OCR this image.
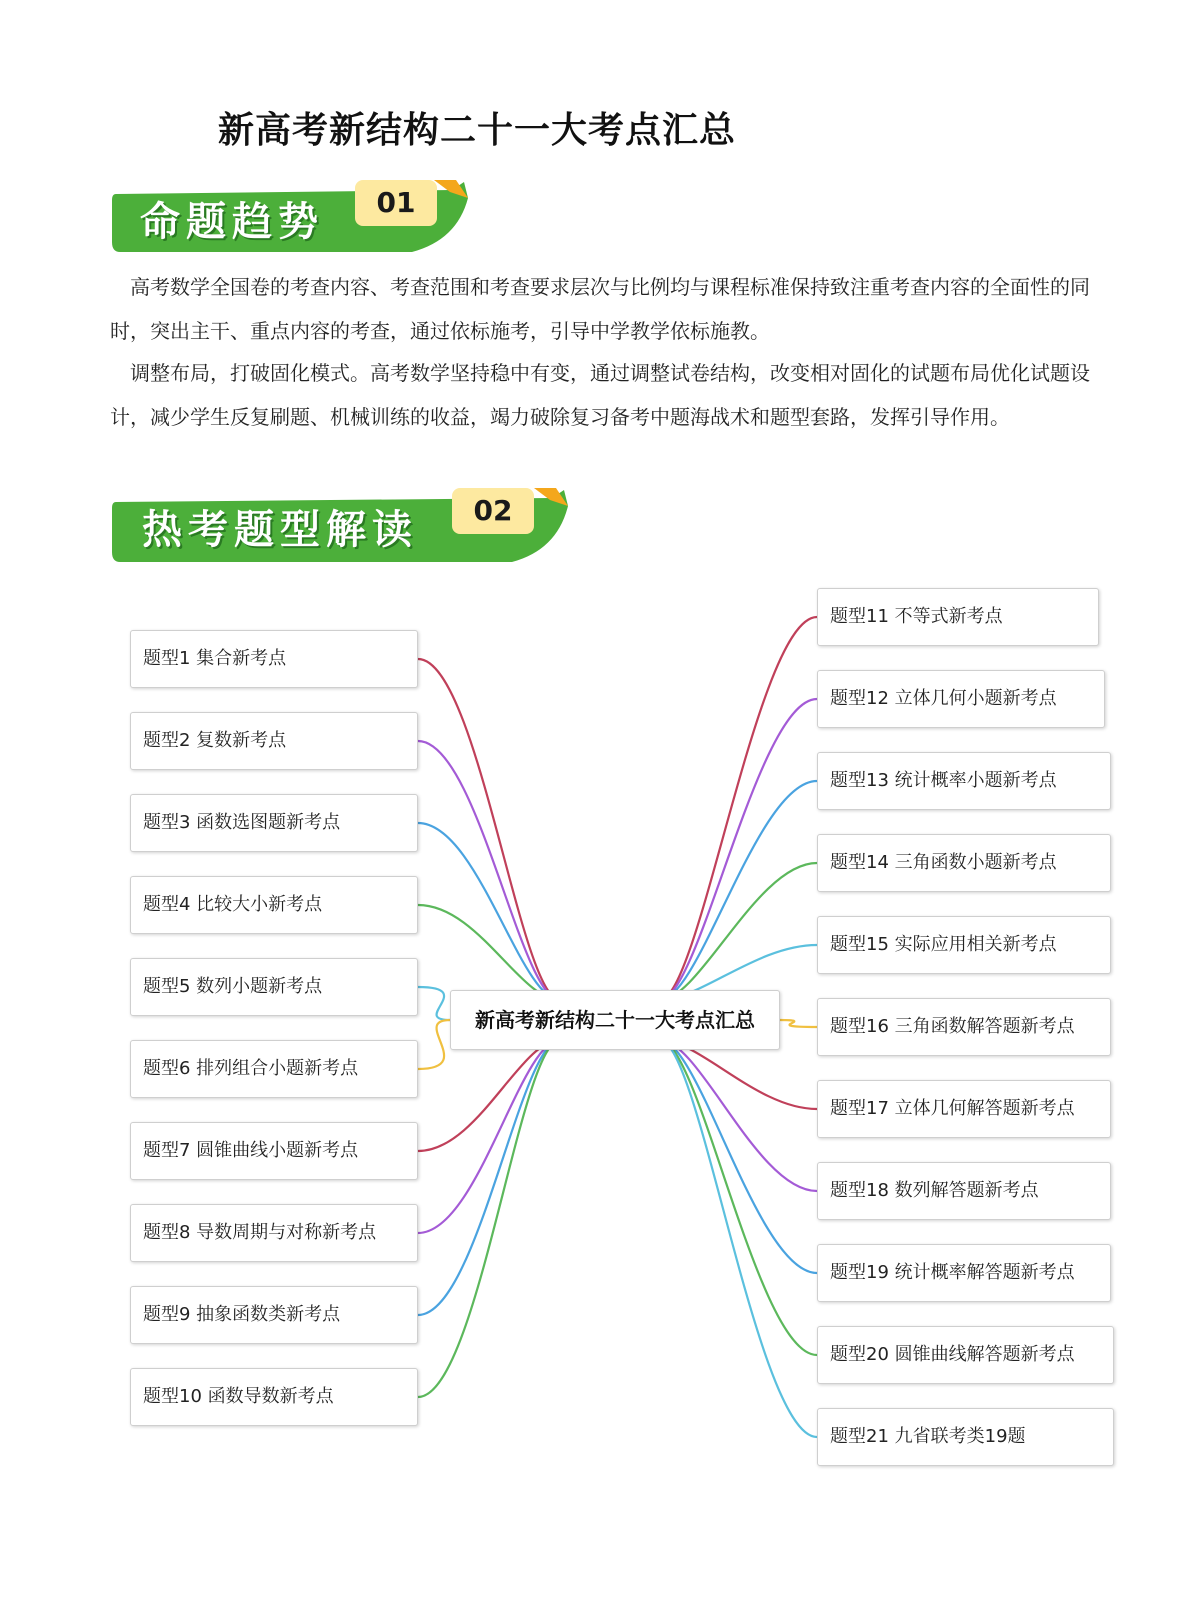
新高考新结构二十一大考点汇总
命题趋势	01

高考数学全国卷的考查内容、考查范围和考查要求层次与比例均与课程标准保持致注重考查内容的全面性的同时，突出主干、重点内容的考查，通过依标施考，引导中学教学依标施教。

调整布局，打破固化模式。高考数学坚持稳中有变，通过调整试卷结构，改变相对固化的试题布局优化试题设计，减少学生反复刷题、机械训练的收益，竭力破除复习备考中题海战术和题型套路，发挥引导作用。

热考题型解读	02
题型1 集合新考点
题型2 复数新考点
题型3 函数选图题新考点
题型4 比较大小新考点
题型5 数列小题新考点
题型6 排列组合小题新考点
题型7 圆锥曲线小题新考点
题型8 导数周期与对称新考点
题型9 抽象函数类新考点
题型10 函数导数新考点
题型11 不等式新考点
题型12 立体几何小题新考点
题型13 统计概率小题新考点
题型14 三角函数小题新考点
题型15 实际应用相关新考点
题型16 三角函数解答题新考点
题型17 立体几何解答题新考点
题型18 数列解答题新考点
题型19 统计概率解答题新考点
题型20 圆锥曲线解答题新考点
题型21 九省联考类19题
新高考新结构二十一大考点汇总
